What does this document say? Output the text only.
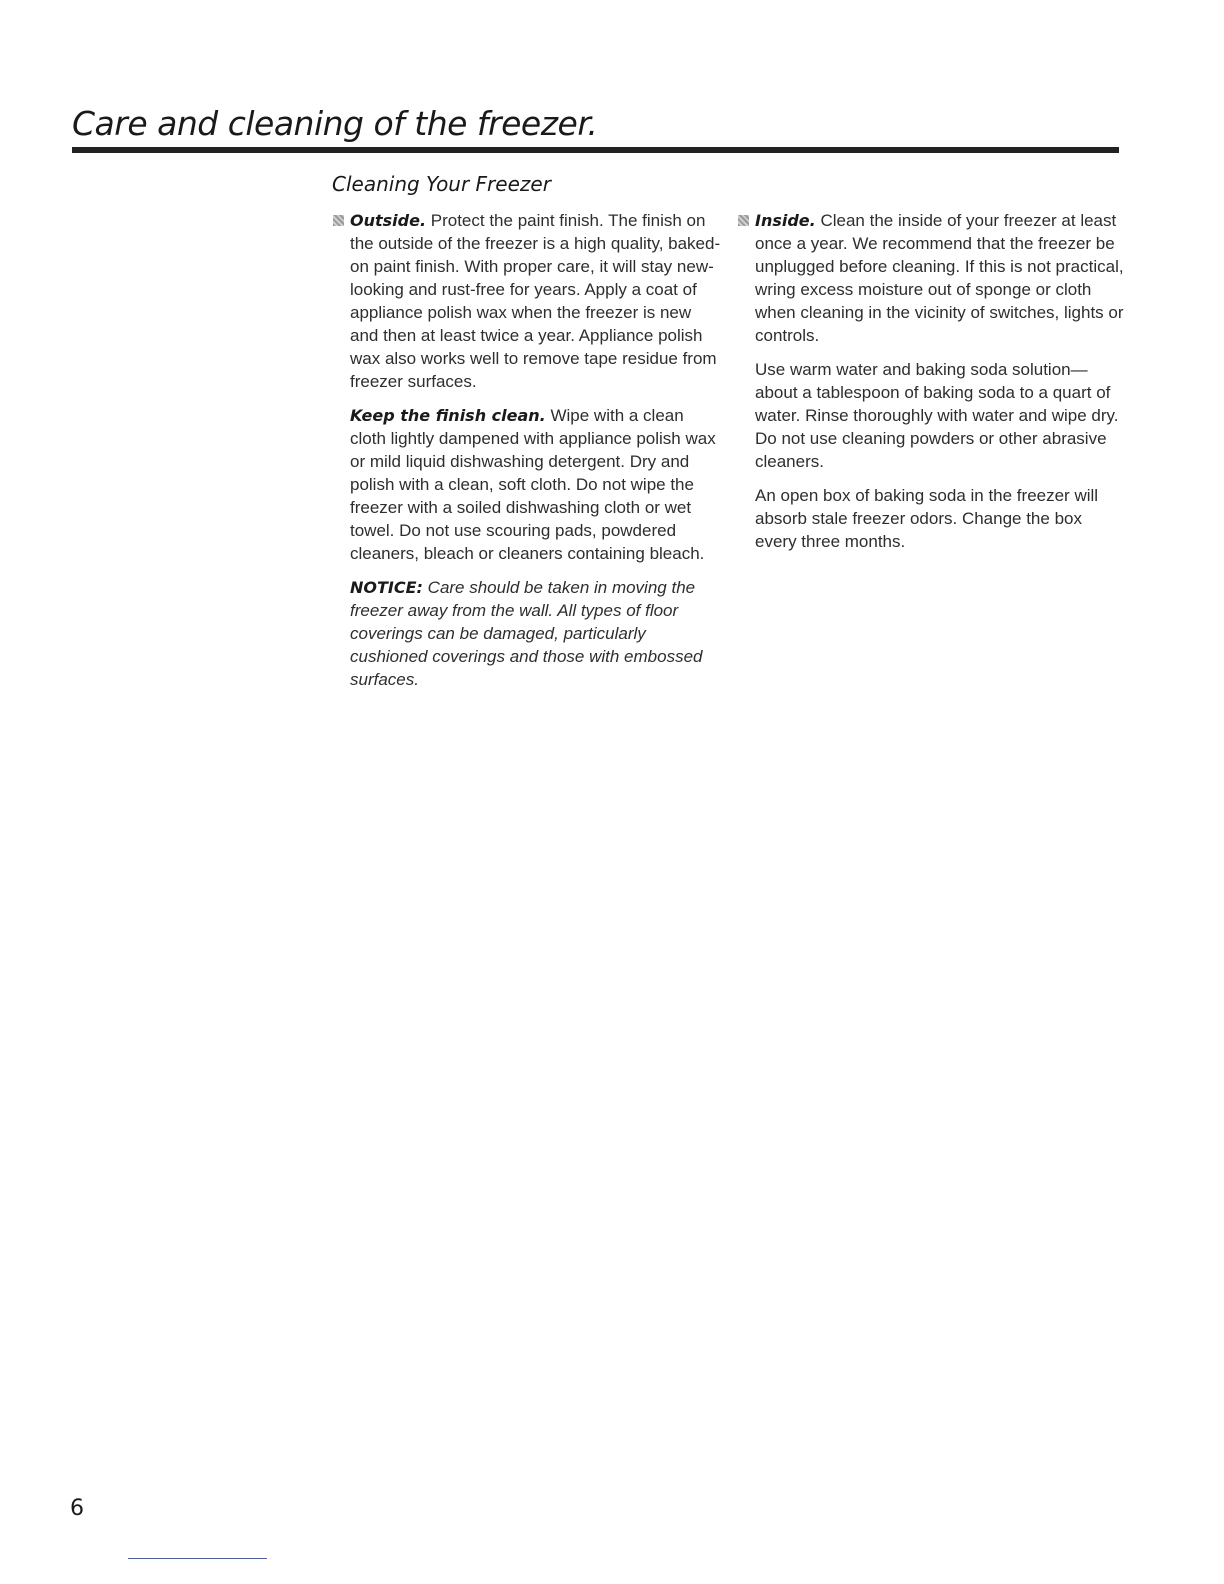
Care and cleaning of the freezer.
Cleaning Your Freezer

Outside. Protect the paint finish. The finish on the outside of the freezer is a high quality, baked-on paint finish. With proper care, it will stay new-looking and rust-free for years. Apply a coat of appliance polish wax when the freezer is new and then at least twice a year. Appliance polish wax also works well to remove tape residue from freezer surfaces.

Keep the finish clean. Wipe with a clean cloth lightly dampened with appliance polish wax or mild liquid dishwashing detergent. Dry and polish with a clean, soft cloth. Do not wipe the freezer with a soiled dishwashing cloth or wet towel. Do not use scouring pads, powdered cleaners, bleach or cleaners containing bleach.

NOTICE: Care should be taken in moving the freezer away from the wall. All types of floor coverings can be damaged, particularly cushioned coverings and those with embossed surfaces.

Inside. Clean the inside of your freezer at least once a year. We recommend that the freezer be unplugged before cleaning. If this is not practical, wring excess moisture out of sponge or cloth when cleaning in the vicinity of switches, lights or controls.

Use warm water and baking soda solution—about a tablespoon of baking soda to a quart of water. Rinse thoroughly with water and wipe dry. Do not use cleaning powders or other abrasive cleaners.

An open box of baking soda in the freezer will absorb stale freezer odors. Change the box every three months.

6
